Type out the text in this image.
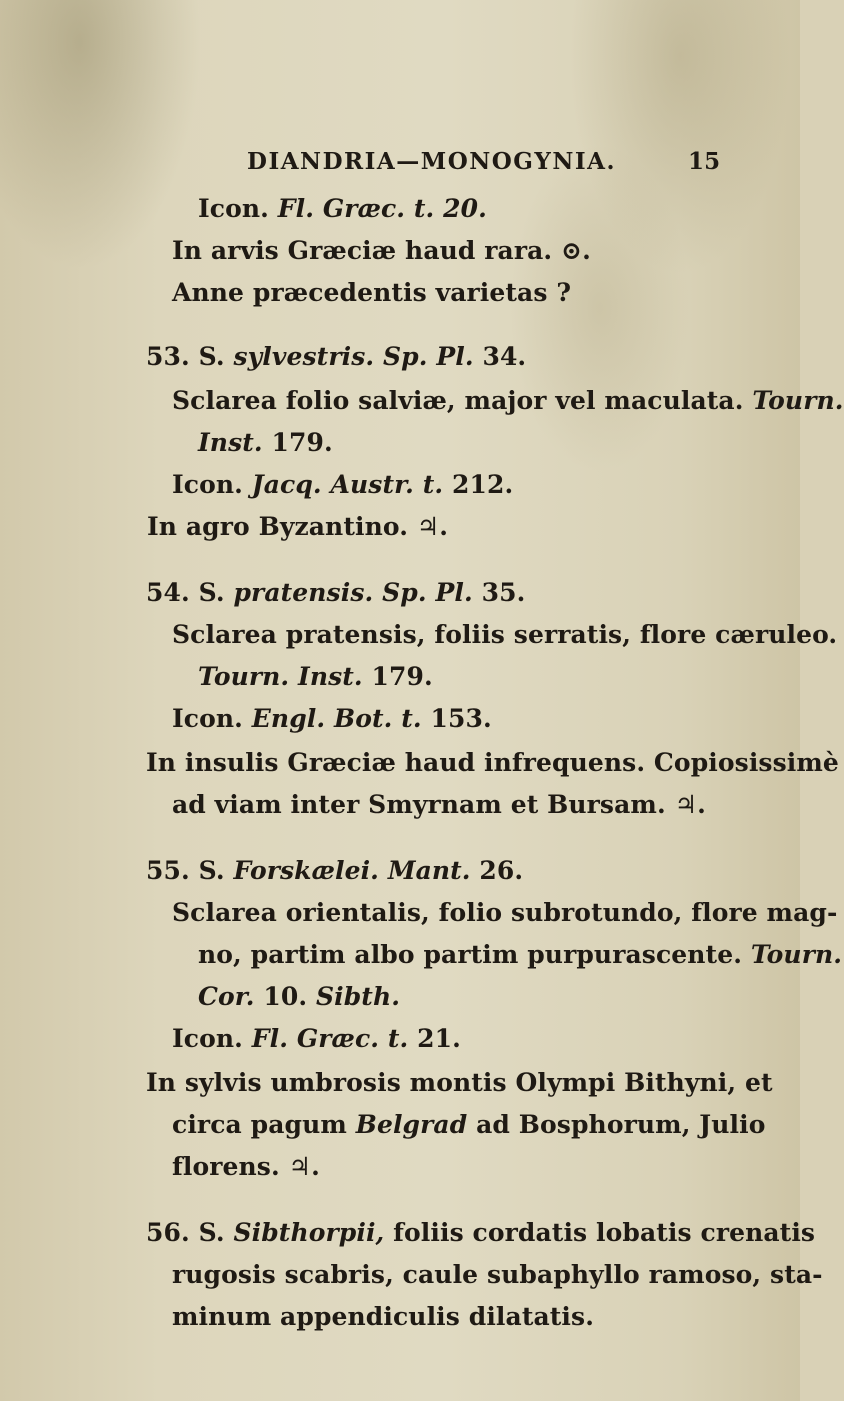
DIANDRIA—MONOGYNIA.	15
Icon. Fl. Græc. t. 20.
In arvis Græciæ haud rara. ⊙.
Anne præcedentis varietas ?
53. S. sylvestris. Sp. Pl. 34.
Sclarea folio salviæ, major vel maculata. Tourn.
Inst. 179.
Icon. Jacq. Austr. t. 212.
In agro Byzantino. ♃.
54. S. pratensis. Sp. Pl. 35.
Sclarea pratensis, foliis serratis, flore cæruleo.
Tourn. Inst. 179.
Icon. Engl. Bot. t. 153.
In insulis Græciæ haud infrequens. Copiosissimè
ad viam inter Smyrnam et Bursam. ♃.
55. S. Forskælei. Mant. 26.
Sclarea orientalis, folio subrotundo, flore mag-
no, partim albo partim purpurascente. Tourn.
Cor. 10. Sibth.
Icon. Fl. Græc. t. 21.
In sylvis umbrosis montis Olympi Bithyni, et
circa pagum Belgrad ad Bosphorum, Julio
florens. ♃.
56. S. Sibthorpii, foliis cordatis lobatis crenatis
rugosis scabris, caule subaphyllo ramoso, sta-
minum appendiculis dilatatis.
